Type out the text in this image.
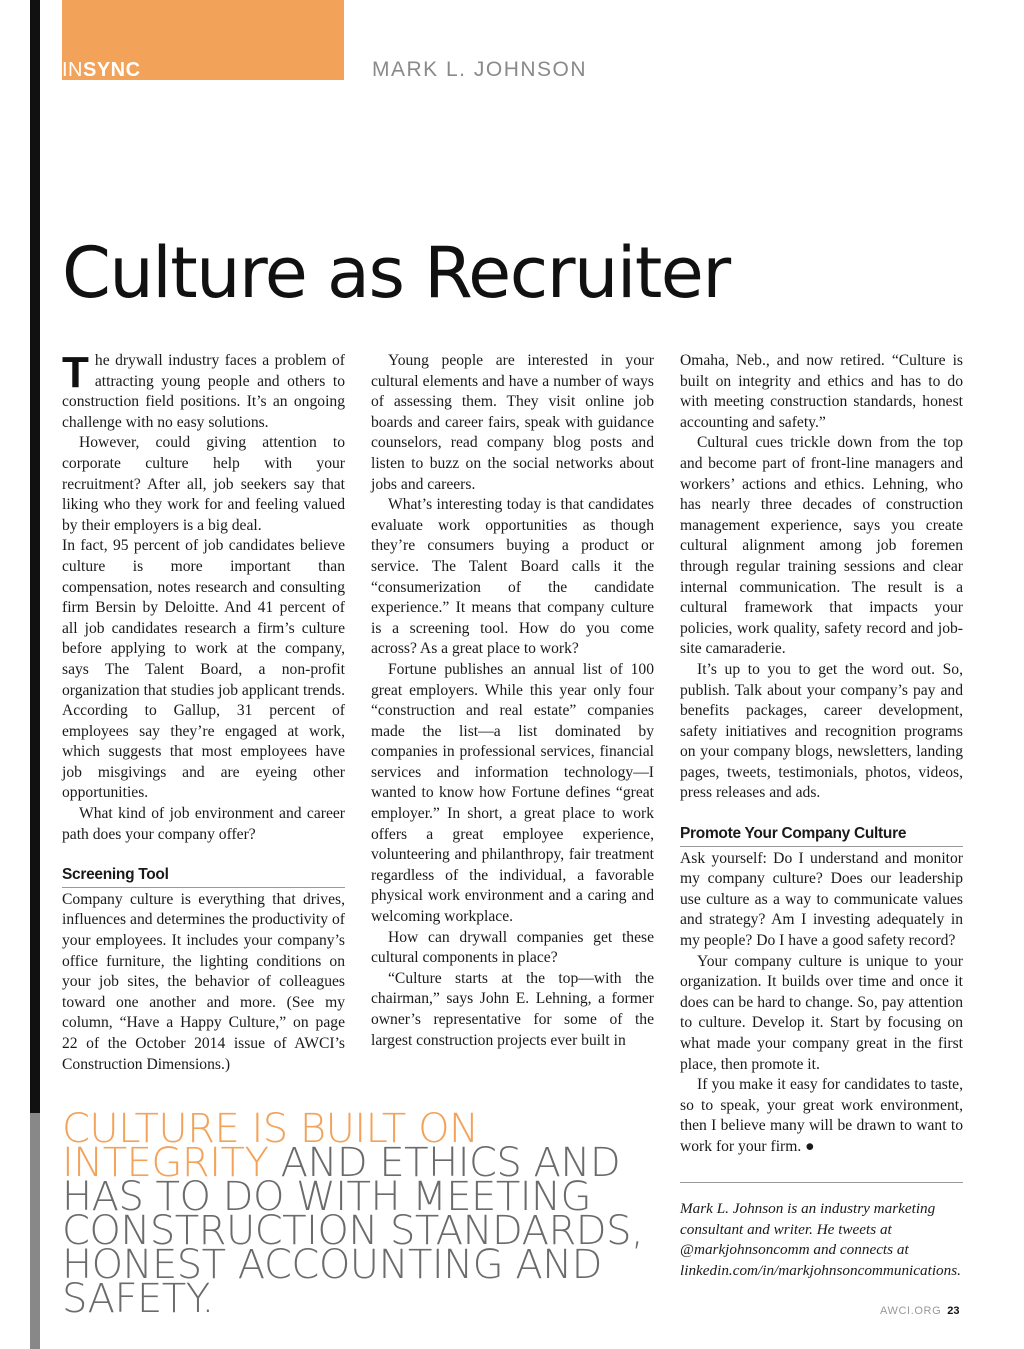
INSYNC	MARK L. JOHNSON
Culture as Recruiter

The drywall industry faces a problem of attracting young people and others to construction field positions. It’s an ongoing challenge with no easy solutions.

However, could giving attention to corporate culture help with your recruitment? After all, job seekers say that liking who they work for and feeling valued by their employers is a big deal.

In fact, 95 percent of job candidates believe culture is more important than compensation, notes research and consulting firm Bersin by Deloitte. And 41 percent of all job candidates research a firm’s culture before applying to work at the company, says The Talent Board, a non-profit organization that studies job applicant trends. According to Gallup, 31 percent of employees say they’re engaged at work, which suggests that most employees have job misgivings and are eyeing other opportunities.

What kind of job environment and career path does your company offer?

Screening Tool

Company culture is everything that drives, influences and determines the productivity of your employees. It includes your company’s office furniture, the lighting conditions on your job sites, the behavior of colleagues toward one another and more. (See my column, “Have a Happy Culture,” on page 22 of the October 2014 issue of AWCI’s Construction Dimensions.)

Young people are interested in your cultural elements and have a number of ways of assessing them. They visit online job boards and career fairs, speak with guidance counselors, read company blog posts and listen to buzz on the social networks about jobs and careers.

What’s interesting today is that candidates evaluate work opportunities as though they’re consumers buying a product or service. The Talent Board calls it the “consumerization of the candidate experience.” It means that company culture is a screening tool. How do you come across? As a great place to work?

Fortune publishes an annual list of 100 great employers. While this year only four “construction and real estate” companies made the list—a list dominated by companies in professional services, financial services and information technology—I wanted to know how Fortune defines “great employer.” In short, a great place to work offers a great employee experience, volunteering and philanthropy, fair treatment regardless of the individual, a favorable physical work environment and a caring and welcoming workplace.

How can drywall companies get these cultural components in place?

“Culture starts at the top—with the chairman,” says John E. Lehning, a former owner’s representative for some of the largest construction projects ever built in

Omaha, Neb., and now retired. “Culture is built on integrity and ethics and has to do with meeting construction standards, honest accounting and safety.”

Cultural cues trickle down from the top and become part of front-line managers and workers’ actions and ethics. Lehning, who has nearly three decades of construction management experience, says you create cultural alignment among job foremen through regular training sessions and clear internal communication. The result is a cultural framework that impacts your policies, work quality, safety record and job-site camaraderie.

It’s up to you to get the word out. So, publish. Talk about your company’s pay and benefits packages, career development, safety initiatives and recognition programs on your company blogs, newsletters, landing pages, tweets, testimonials, photos, videos, press releases and ads.

Promote Your Company Culture

Ask yourself: Do I understand and monitor my company culture? Does our leadership use culture as a way to communicate values and strategy? Am I investing adequately in my people? Do I have a good safety record?

Your company culture is unique to your organization. It builds over time and once it does can be hard to change. So, pay attention to culture. Develop it. Start by focusing on what made your company great in the first place, then promote it.

If you make it easy for candidates to taste, so to speak, your great work environment, then I believe many will be drawn to want to work for your firm. ●

CULTURE IS BUILT ON INTEGRITY AND ETHICS AND HAS TO DO WITH MEETING CONSTRUCTION STANDARDS, HONEST ACCOUNTING AND SAFETY.

Mark L. Johnson is an industry marketing consultant and writer. He tweets at @markjohnsoncomm and connects at linkedin.com/in/markjohnsoncommunications.

AWCI.ORG 23
